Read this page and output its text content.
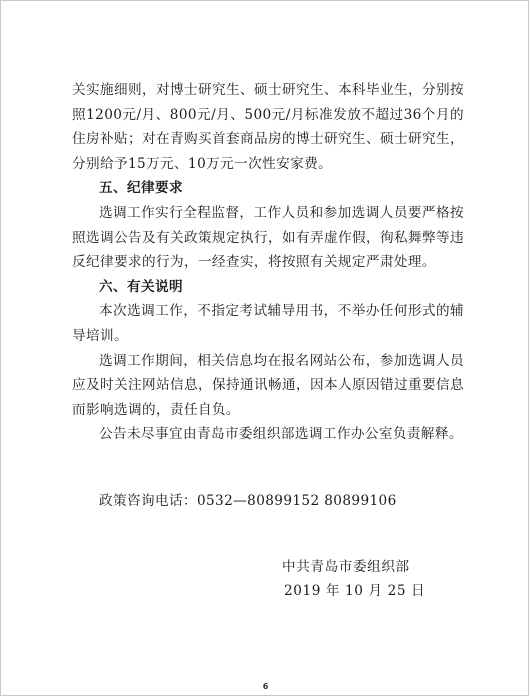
关实施细则，对博士研究生、硕士研究生、本科毕业生，分别按照1200元/月、800元/月、500元/月标准发放不超过36个月的住房补贴；对在青购买首套商品房的博士研究生、硕士研究生，分别给予15万元、10万元一次性安家费。

五、纪律要求

选调工作实行全程监督，工作人员和参加选调人员要严格按照选调公告及有关政策规定执行，如有弄虚作假，徇私舞弊等违反纪律要求的行为，一经查实，将按照有关规定严肃处理。

六、有关说明

本次选调工作，不指定考试辅导用书，不举办任何形式的辅导培训。

选调工作期间，相关信息均在报名网站公布，参加选调人员应及时关注网站信息，保持通讯畅通，因本人原因错过重要信息而影响选调的，责任自负。

公告未尽事宜由青岛市委组织部选调工作办公室负责解释。

政策咨询电话：0532—80899152 80899106

中共青岛市委组织部
2019 年 10 月 25 日
6
